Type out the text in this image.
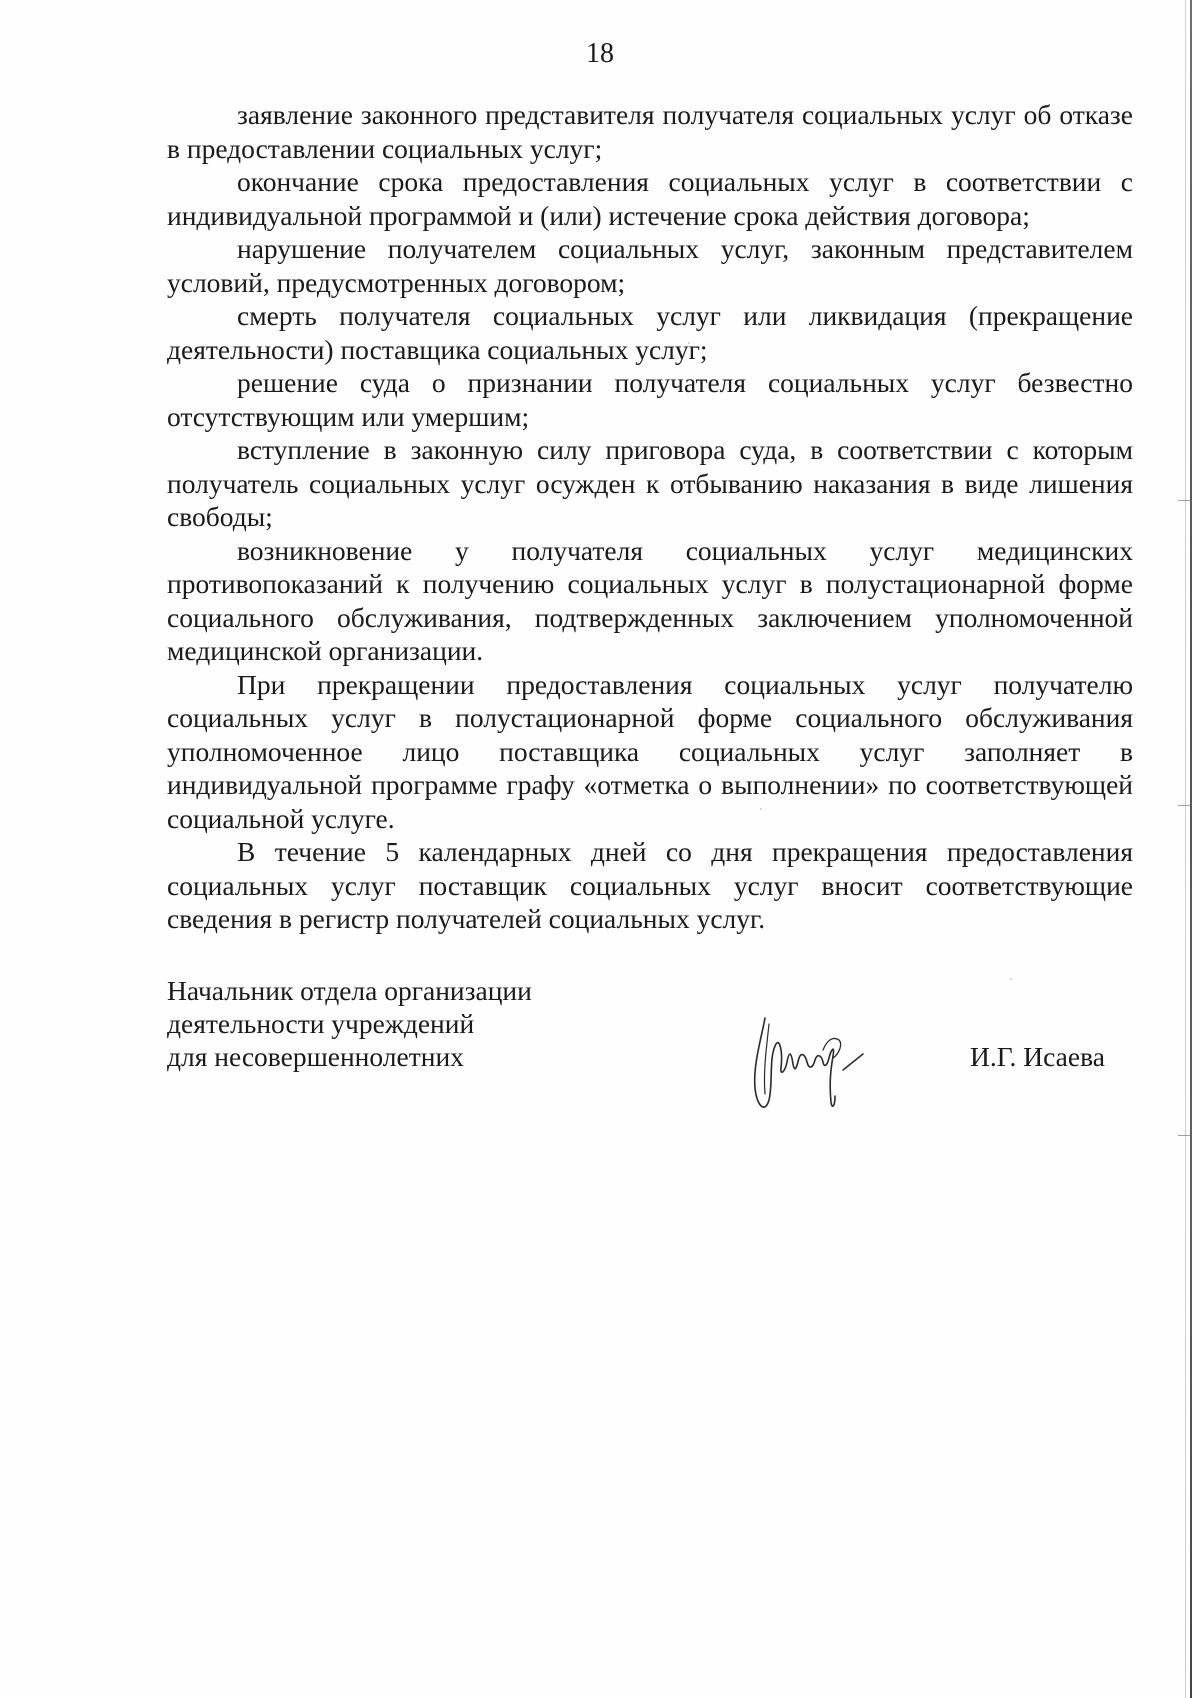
18

заявление законного представителя получателя социальных услуг об отказе в предоставлении социальных услуг;

окончание срока предоставления социальных услуг в соответствии с индивидуальной программой и (или) истечение срока действия договора;

нарушение получателем социальных услуг, законным представителем условий, предусмотренных договором;

смерть получателя социальных услуг или ликвидация (прекращение деятельности) поставщика социальных услуг;

решение суда о признании получателя социальных услуг безвестно отсутствующим или умершим;

вступление в законную силу приговора суда, в соответствии с которым получатель социальных услуг осужден к отбыванию наказания в виде лишения свободы;

возникновение у получателя социальных услуг медицинских противопоказаний к получению социальных услуг в полустационарной форме социального обслуживания, подтвержденных заключением уполномоченной медицинской организации.

При прекращении предоставления социальных услуг получателю социальных услуг в полустационарной форме социального обслуживания уполномоченное лицо поставщика социальных услуг заполняет в индивидуальной программе графу «отметка о выполнении» по соответствующей социальной услуге.

В течение 5 календарных дней со дня прекращения предоставления социальных услуг поставщик социальных услуг вносит соответствующие сведения в регистр получателей социальных услуг.

Начальник отдела организации
деятельности учреждений
для несовершеннолетних	И.Г. Исаева
